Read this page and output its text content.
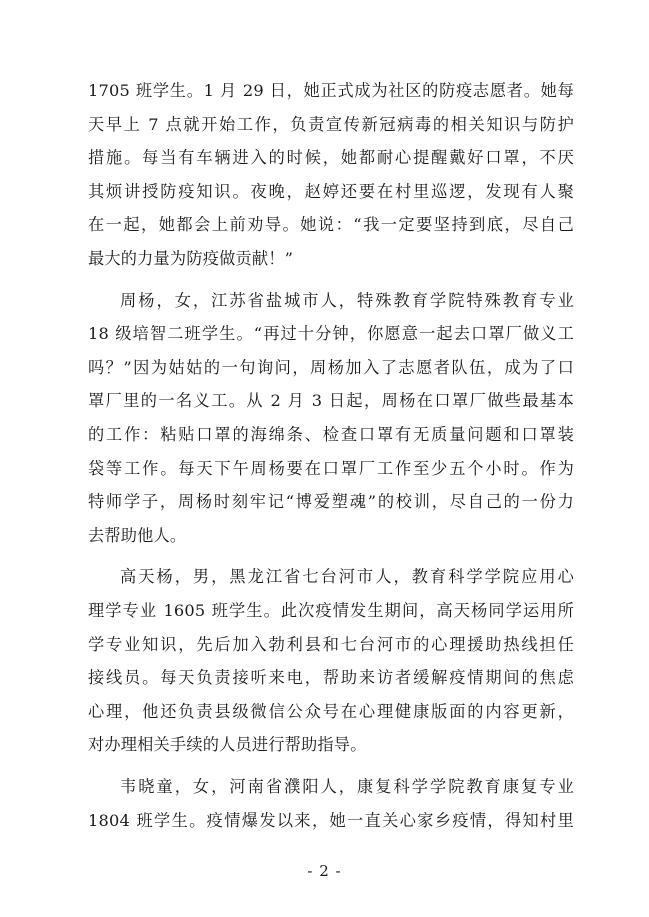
1705 班学生。1 月 29 日，她正式成为社区的防疫志愿者。她每
天早上 7 点就开始工作，负责宣传新冠病毒的相关知识与防护
措施。每当有车辆进入的时候，她都耐心提醒戴好口罩，不厌
其烦讲授防疫知识。夜晚，赵婷还要在村里巡逻，发现有人聚
在一起，她都会上前劝导。她说：“我一定要坚持到底，尽自己
最大的力量为防疫做贡献！”
周杨，女，江苏省盐城市人，特殊教育学院特殊教育专业
18 级培智二班学生。“再过十分钟，你愿意一起去口罩厂做义工
吗？”因为姑姑的一句询问，周杨加入了志愿者队伍，成为了口
罩厂里的一名义工。从 2 月 3 日起，周杨在口罩厂做些最基本
的工作：粘贴口罩的海绵条、检查口罩有无质量问题和口罩装
袋等工作。每天下午周杨要在口罩厂工作至少五个小时。作为
特师学子，周杨时刻牢记“博爱塑魂”的校训，尽自己的一份力
去帮助他人。
高天杨，男，黑龙江省七台河市人，教育科学学院应用心
理学专业 1605 班学生。此次疫情发生期间，高天杨同学运用所
学专业知识，先后加入勃利县和七台河市的心理援助热线担任
接线员。每天负责接听来电，帮助来访者缓解疫情期间的焦虑
心理，他还负责县级微信公众号在心理健康版面的内容更新，
对办理相关手续的人员进行帮助指导。
韦晓童，女，河南省濮阳人，康复科学学院教育康复专业
1804 班学生。疫情爆发以来，她一直关心家乡疫情，得知村里
- 2 -
